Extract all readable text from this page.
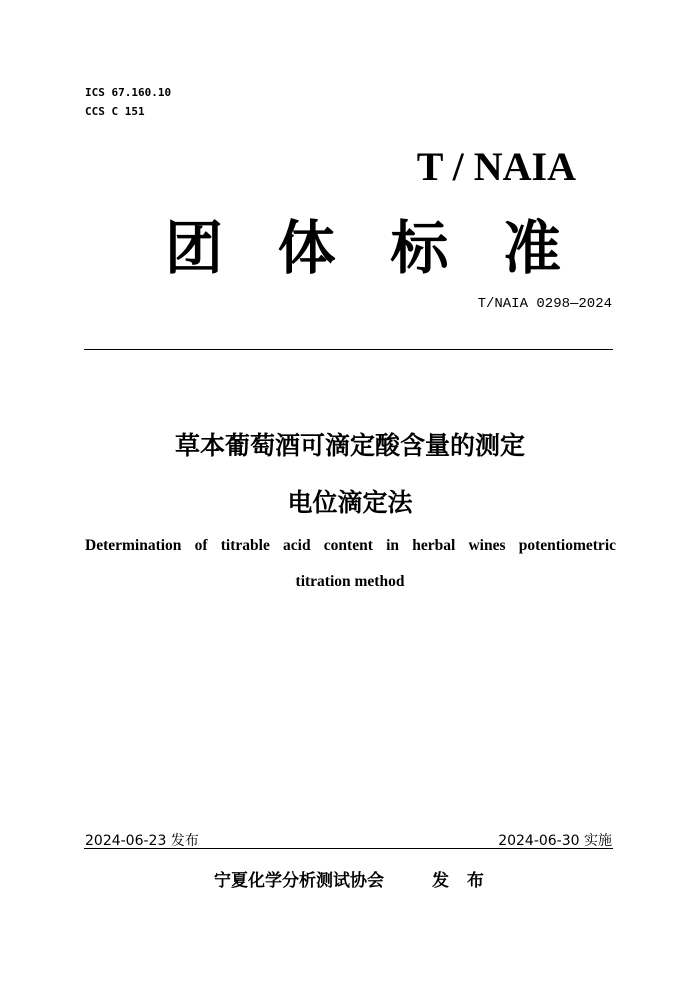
ICS 67.160.10
CCS C 151
T / NAIA
团 体 标 准
T/NAIA 0298—2024
草本葡萄酒可滴定酸含量的测定
电位滴定法
Determination of titrable acid content in herbal wines potentiometric
titration method
2024-06-23 发布	2024-06-30 实施
宁夏化学分析测试协会	发 布
